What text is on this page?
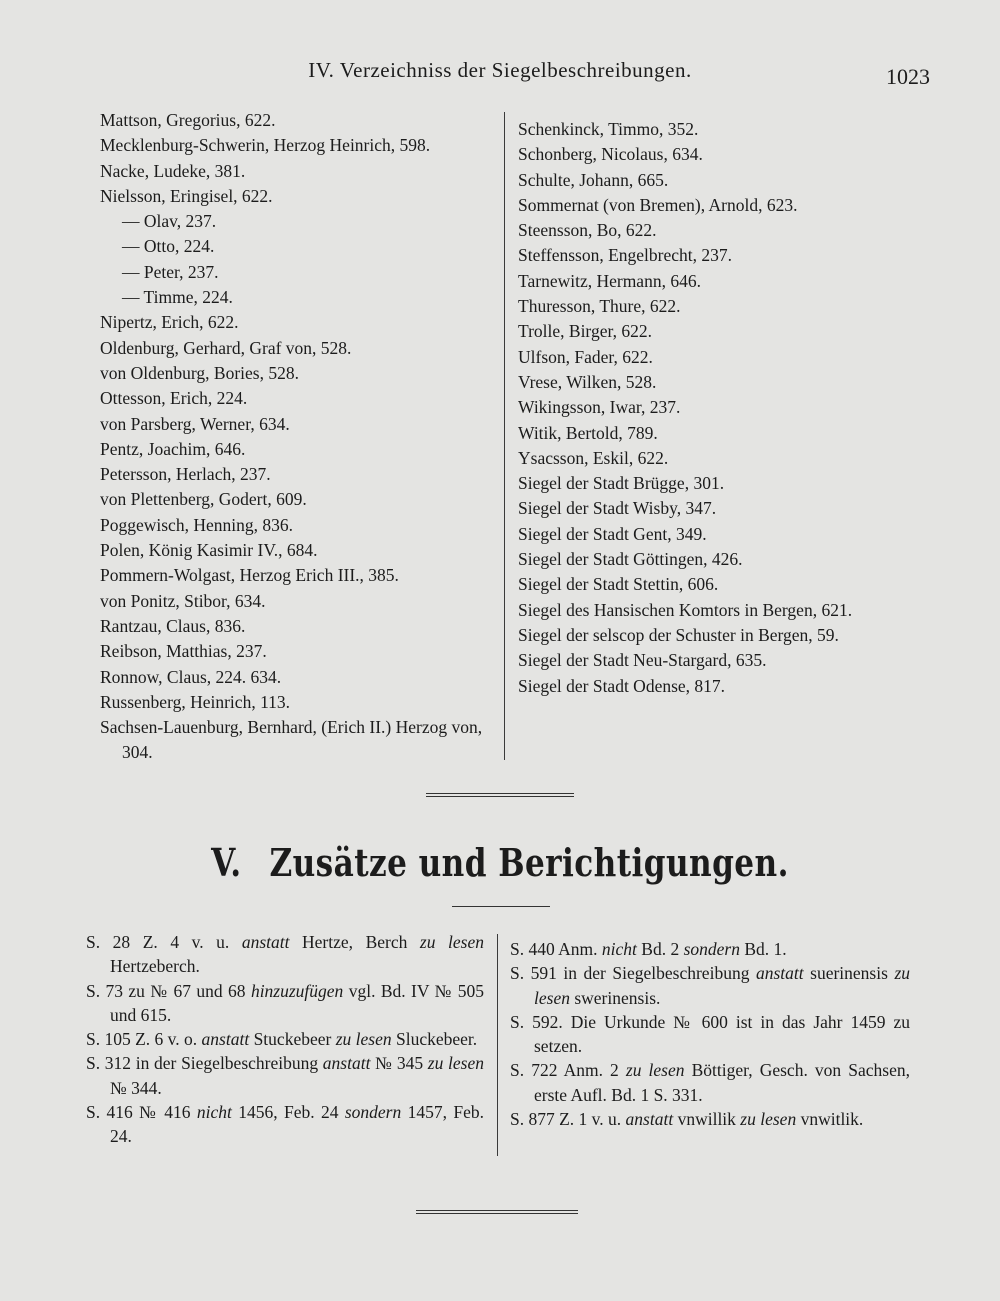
IV. Verzeichniss der Siegelbeschreibungen.	1023
Mattson, Gregorius, 622.
Mecklenburg-Schwerin, Herzog Heinrich, 598.
Nacke, Ludeke, 381.
Nielsson, Eringisel, 622.
— Olav, 237.
— Otto, 224.
— Peter, 237.
— Timme, 224.
Nipertz, Erich, 622.
Oldenburg, Gerhard, Graf von, 528.
von Oldenburg, Bories, 528.
Ottesson, Erich, 224.
von Parsberg, Werner, 634.
Pentz, Joachim, 646.
Petersson, Herlach, 237.
von Plettenberg, Godert, 609.
Poggewisch, Henning, 836.
Polen, König Kasimir IV., 684.
Pommern-Wolgast, Herzog Erich III., 385.
von Ponitz, Stibor, 634.
Rantzau, Claus, 836.
Reibson, Matthias, 237.
Ronnow, Claus, 224. 634.
Russenberg, Heinrich, 113.
Sachsen-Lauenburg, Bernhard, (Erich II.) Herzog von, 304.
Schenkinck, Timmo, 352.
Schonberg, Nicolaus, 634.
Schulte, Johann, 665.
Sommernat (von Bremen), Arnold, 623.
Steensson, Bo, 622.
Steffensson, Engelbrecht, 237.
Tarnewitz, Hermann, 646.
Thuresson, Thure, 622.
Trolle, Birger, 622.
Ulfson, Fader, 622.
Vrese, Wilken, 528.
Wikingsson, Iwar, 237.
Witik, Bertold, 789.
Ysacsson, Eskil, 622.
Siegel der Stadt Brügge, 301.
Siegel der Stadt Wisby, 347.
Siegel der Stadt Gent, 349.
Siegel der Stadt Göttingen, 426.
Siegel der Stadt Stettin, 606.
Siegel des Hansischen Komtors in Bergen, 621.
Siegel der selscop der Schuster in Bergen, 59.
Siegel der Stadt Neu-Stargard, 635.
Siegel der Stadt Odense, 817.
V. Zusätze und Berichtigungen.
S. 28 Z. 4 v. u. anstatt Hertze, Berch zu lesen Hertzeberch.
S. 73 zu № 67 und 68 hinzuzufügen vgl. Bd. IV № 505 und 615.
S. 105 Z. 6 v. o. anstatt Stuckebeer zu lesen Sluckebeer.
S. 312 in der Siegelbeschreibung anstatt № 345 zu lesen № 344.
S. 416 № 416 nicht 1456, Feb. 24 sondern 1457, Feb. 24.
S. 440 Anm. nicht Bd. 2 sondern Bd. 1.
S. 591 in der Siegelbeschreibung anstatt suerinensis zu lesen swerinensis.
S. 592. Die Urkunde № 600 ist in das Jahr 1459 zu setzen.
S. 722 Anm. 2 zu lesen Böttiger, Gesch. von Sachsen, erste Aufl. Bd. 1 S. 331.
S. 877 Z. 1 v. u. anstatt vnwillik zu lesen vnwitlik.
